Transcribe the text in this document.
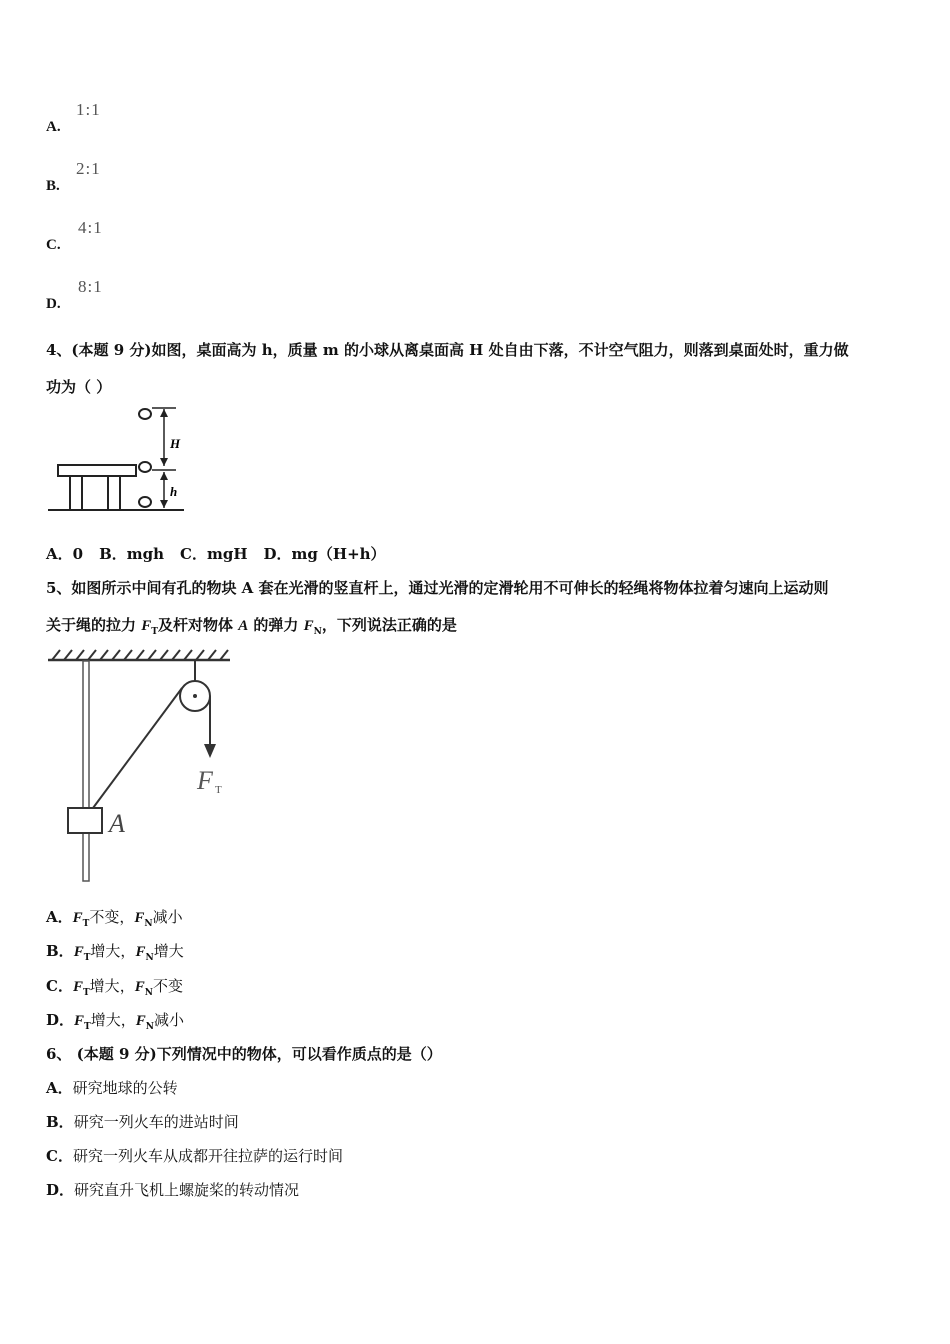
A.
1:1
B.
2:1
C.
4:1
D.
8:1
4、(本题 9 分)如图，桌面高为 h，质量 m 的小球从离桌面高 H 处自由下落，不计空气阻力，则落到桌面处时，重力做
功为（ ）
H
h
A．0 B．mgh C．mgH D．mg（H+h）
5、如图所示中间有孔的物块 A 套在光滑的竖直杆上，通过光滑的定滑轮用不可伸长的轻绳将物体拉着匀速向上运动则
关于绳的拉力 $F_T$及杆对物体 A 的弹力 $F_N$，下列说法正确的是
F T
A
A．$F_T$不变，$F_N$减小
B．$F_T$增大，$F_N$增大
C．$F_T$增大，$F_N$不变
D．$F_T$增大，$F_N$减小
6、 (本题 9 分)下列情况中的物体，可以看作质点的是（）
A．研究地球的公转
B．研究一列火车的进站时间
C．研究一列火车从成都开往拉萨的运行时间
D．研究直升飞机上螺旋桨的转动情况
